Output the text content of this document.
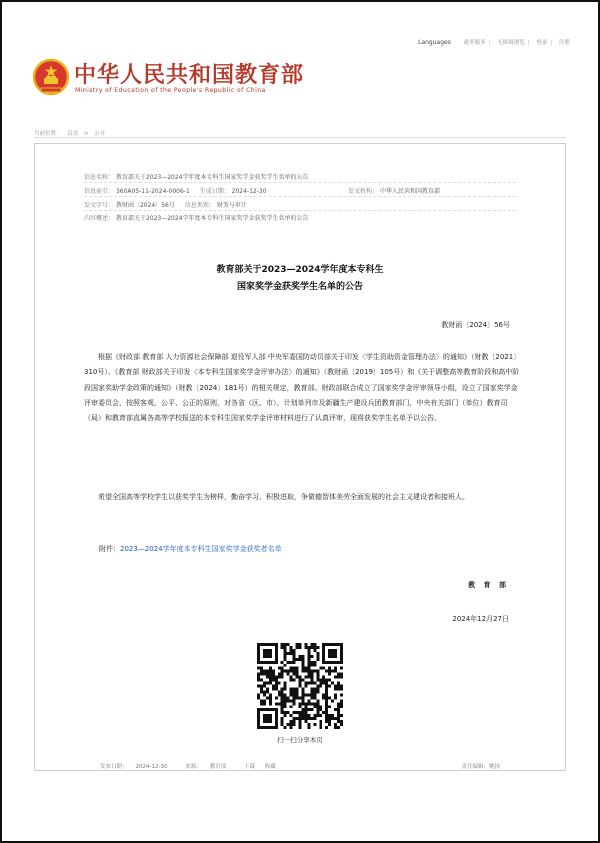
Languages 政务服务 | 无障碍浏览 | 登录 | 注册
中华人民共和国教育部
Ministry of Education of the People's Republic of China
当前位置： 首页 > 公开
信息名称： 教育部关于2023—2024学年度本专科生国家奖学金获奖学生名单的公告
信息索引： 360A05-11-2024-0006-1 生成日期： 2024-12-30	发文机构： 中华人民共和国教育部
发文字号： 教财函〔2024〕56号 信息类别： 财务与审计
内容概述： 教育部关于2023—2024学年度本专科生国家奖学金获奖学生名单的公告
教育部关于2023—2024学年度本专科生
国家奖学金获奖学生名单的公告
教财函〔2024〕56号
根据《财政部 教育部 人力资源社会保障部 退役军人部 中央军委国防动员部关于印发〈学生资助资金管理办法〉的通知》（财教〔2021〕310号）、《教育部 财政部关于印发〈本专科生国家奖学金评审办法〉的通知》（教财函〔2019〕105号）和《关于调整高等教育阶段和高中阶段国家奖助学金政策的通知》（财教〔2024〕181号）的相关规定，教育部、财政部联合成立了国家奖学金评审领导小组，设立了国家奖学金评审委员会，按照客观、公平、公正的原则，对各省（区、市）、计划单列市及新疆生产建设兵团教育部门，中央有关部门（单位）教育司（局）和教育部直属各高等学校报送的本专科生国家奖学金评审材料进行了认真评审，现将获奖学生名单予以公告。
希望全国高等学校学生以获奖学生为榜样，勤奋学习、积极进取，争做德智体美劳全面发展的社会主义建设者和接班人。
附件：2023—2024学年度本专科生国家奖学金获奖者名单
教 育 部
2024年12月27日
扫一扫分享本页
发布日期： 2024-12-30	来源： 教育部	下载 收藏	责任编辑：姚扬
